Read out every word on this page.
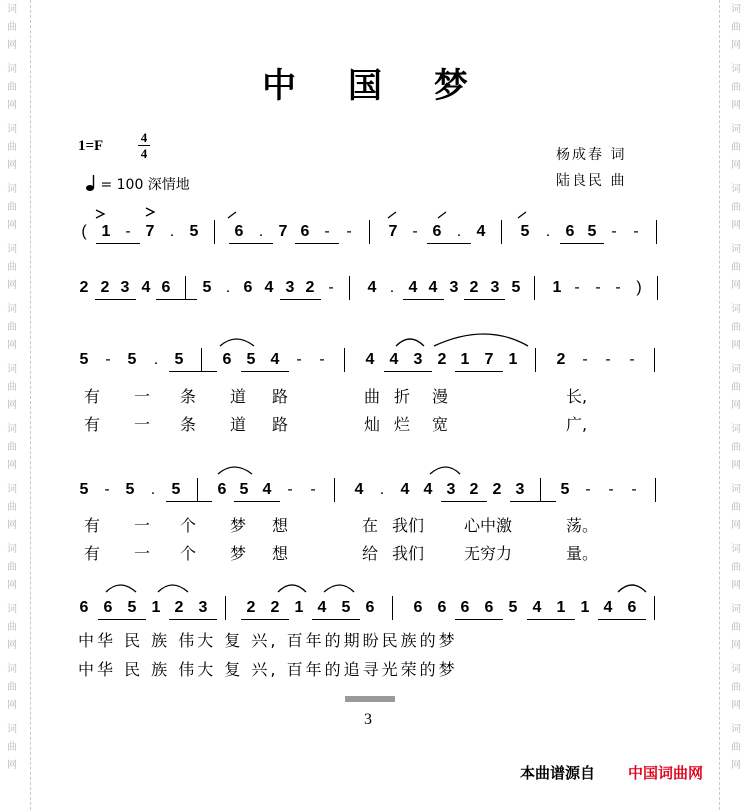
词
曲
网
词
曲
网
词
曲
网
词
曲
网
词
曲
网
词
曲
网
词
曲
网
词
曲
网
词
曲
网
词
曲
网
词
曲
网
词
曲
网
词
曲
网
词
曲
网
词
曲
网
词
曲
网
词
曲
网
词
曲
网
词
曲
网
词
曲
网
词
曲
网
词
曲
网
词
曲
网
词
曲
网
词
曲
网
词
曲
网
中 国 梦
1=F
4
4
= 100 深情地
杨成春 词
陆良民 曲
( 1 - 7 . 5 6 . 7 6 -	-	7 - 6 . 4 5	. 6 5 -	-
2 2 3 4 6 5 . 6 4 3 2 -	4 . 4 4 3 2 3 5 1 - - - )
5	-	5	.	5 6 5 4	-	-	4 4 3 2 1 7 1 2	-	-	-
5 - 5	.	5 6 5 4 -	-	4	.	4 4 3 2 2 3 5 -	-	-
6 6 5 1 2 3 2 2 1 4 5 6 6 6 6 6 5 4 1 1 4 6
有 一 条 道 路	曲 折 漫	长,
有 一 条 道 路	灿 烂 宽	广,
有 一 个 梦 想	在 我们 心中激	荡。
有 一 个 梦 想	给 我们 无穷力	量。
中华 民 族 伟大 复 兴, 百年的期盼民族的梦
中华 民 族 伟大 复 兴, 百年的追寻光荣的梦
3
本曲谱源自 中国词曲网
